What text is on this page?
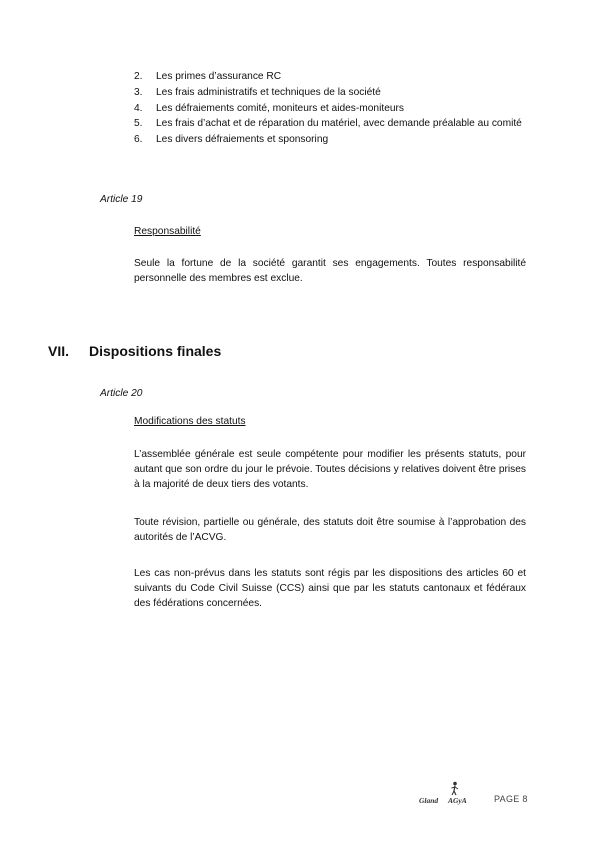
2. Les primes d’assurance RC
3. Les frais administratifs et techniques de la société
4. Les défraiements comité, moniteurs et aides-moniteurs
5. Les frais d’achat et de réparation du matériel, avec demande préalable au comité
6. Les divers défraiements et sponsoring
Article 19
Responsabilité

Seule la fortune de la société garantit ses engagements. Toutes responsabilité personnelle des membres est exclue.

VII. Dispositions finales
Article 20
Modifications des statuts

L’assemblée générale est seule compétente pour modifier les présents statuts, pour autant que son ordre du jour le prévoie. Toutes décisions y relatives doivent être prises à la majorité de deux tiers des votants.

Toute révision, partielle ou générale, des statuts doit être soumise à l’approbation des autorités de l’ACVG.

Les cas non-prévus dans les statuts sont régis par les dispositions des articles 60 et suivants du Code Civil Suisse (CCS) ainsi que par les statuts cantonaux et fédéraux des fédérations concernées.

Gland AGyA	PAGE 8
